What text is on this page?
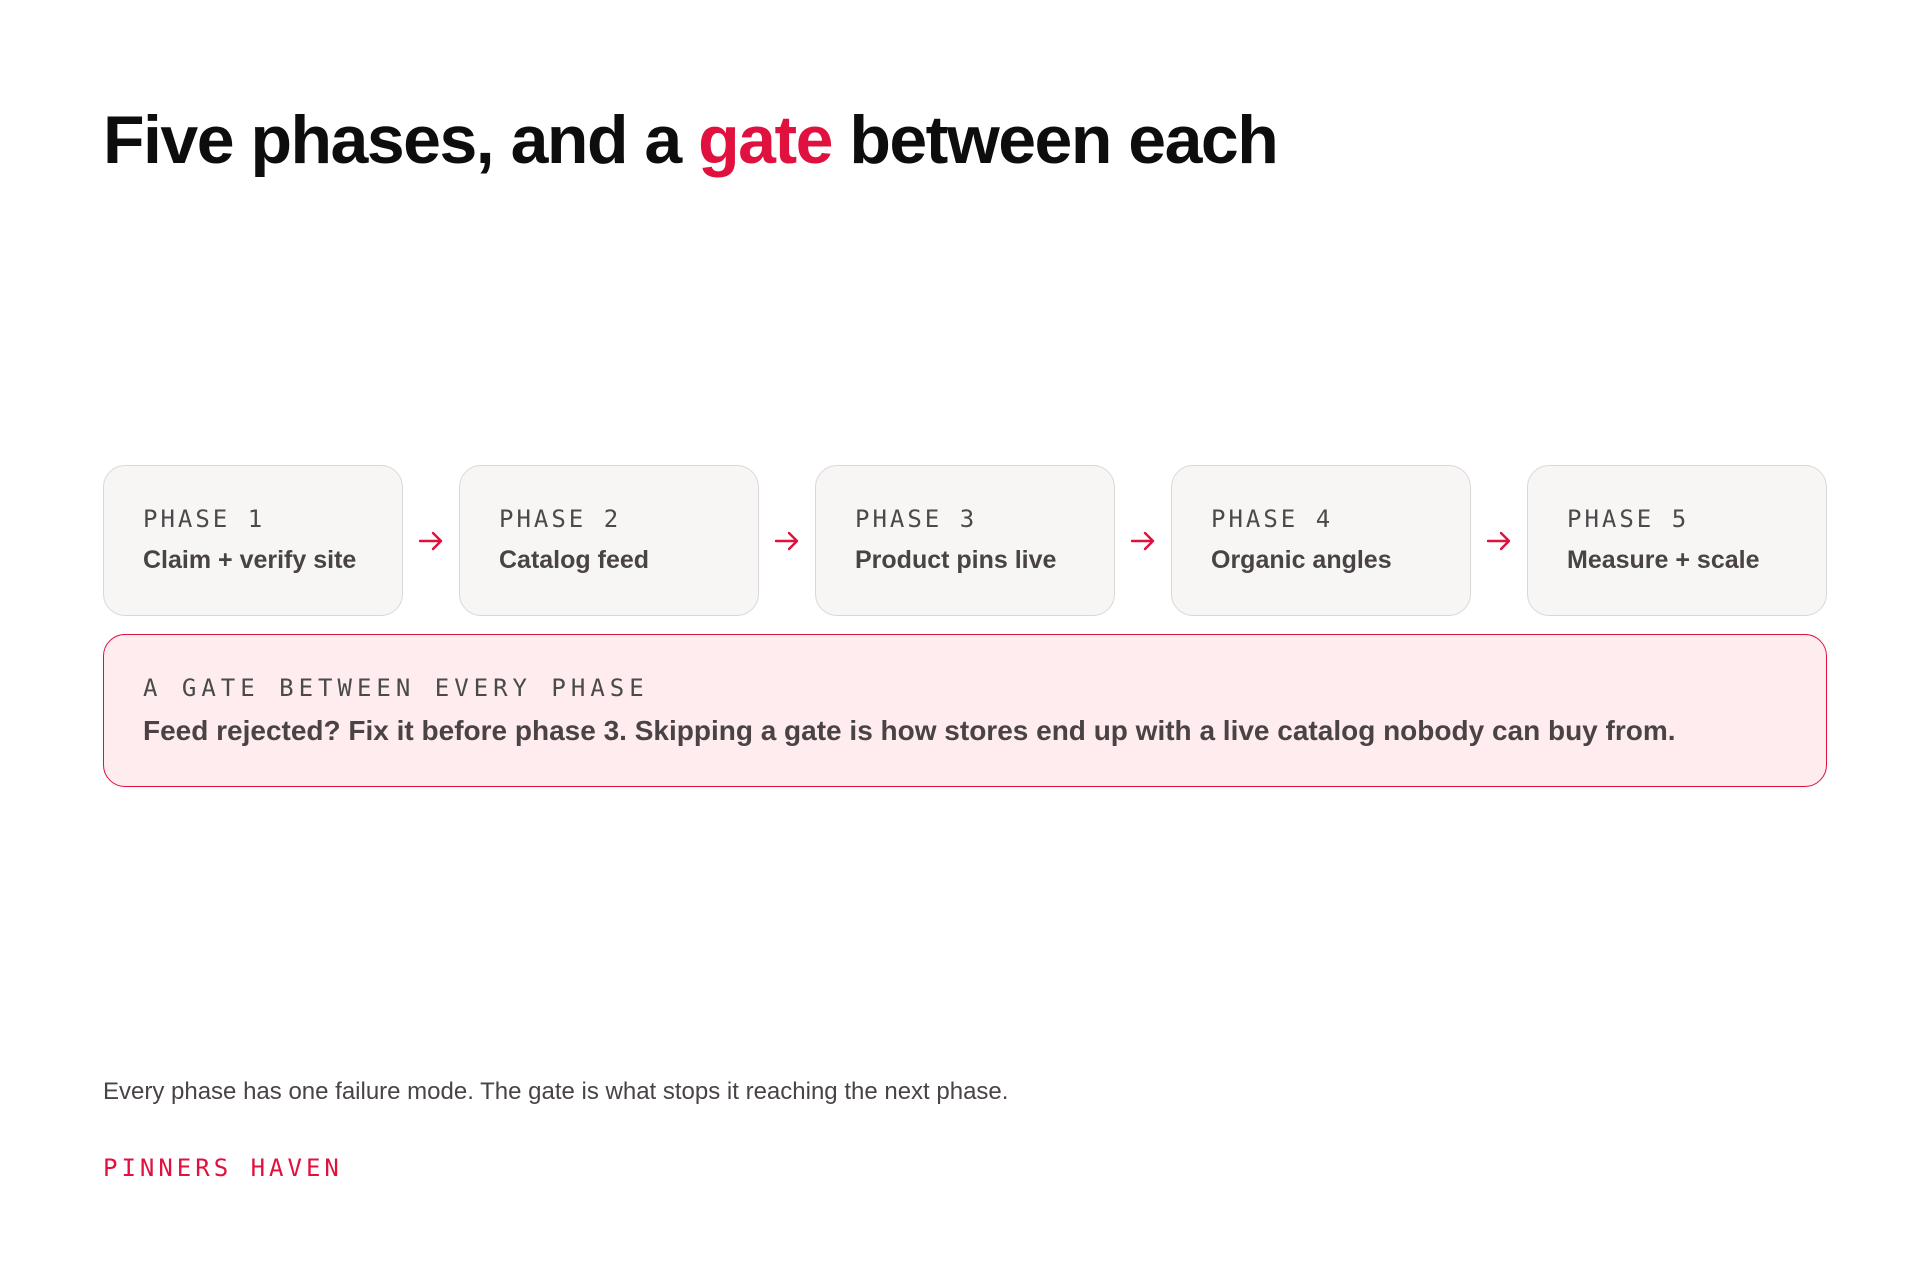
Five phases, and a gate between each
PHASE 1
Claim + verify site
PHASE 2
Catalog feed
PHASE 3
Product pins live
PHASE 4
Organic angles
PHASE 5
Measure + scale
A GATE BETWEEN EVERY PHASE
Feed rejected? Fix it before phase 3. Skipping a gate is how stores end up with a live catalog nobody can buy from.
Every phase has one failure mode. The gate is what stops it reaching the next phase.
PINNERS HAVEN
